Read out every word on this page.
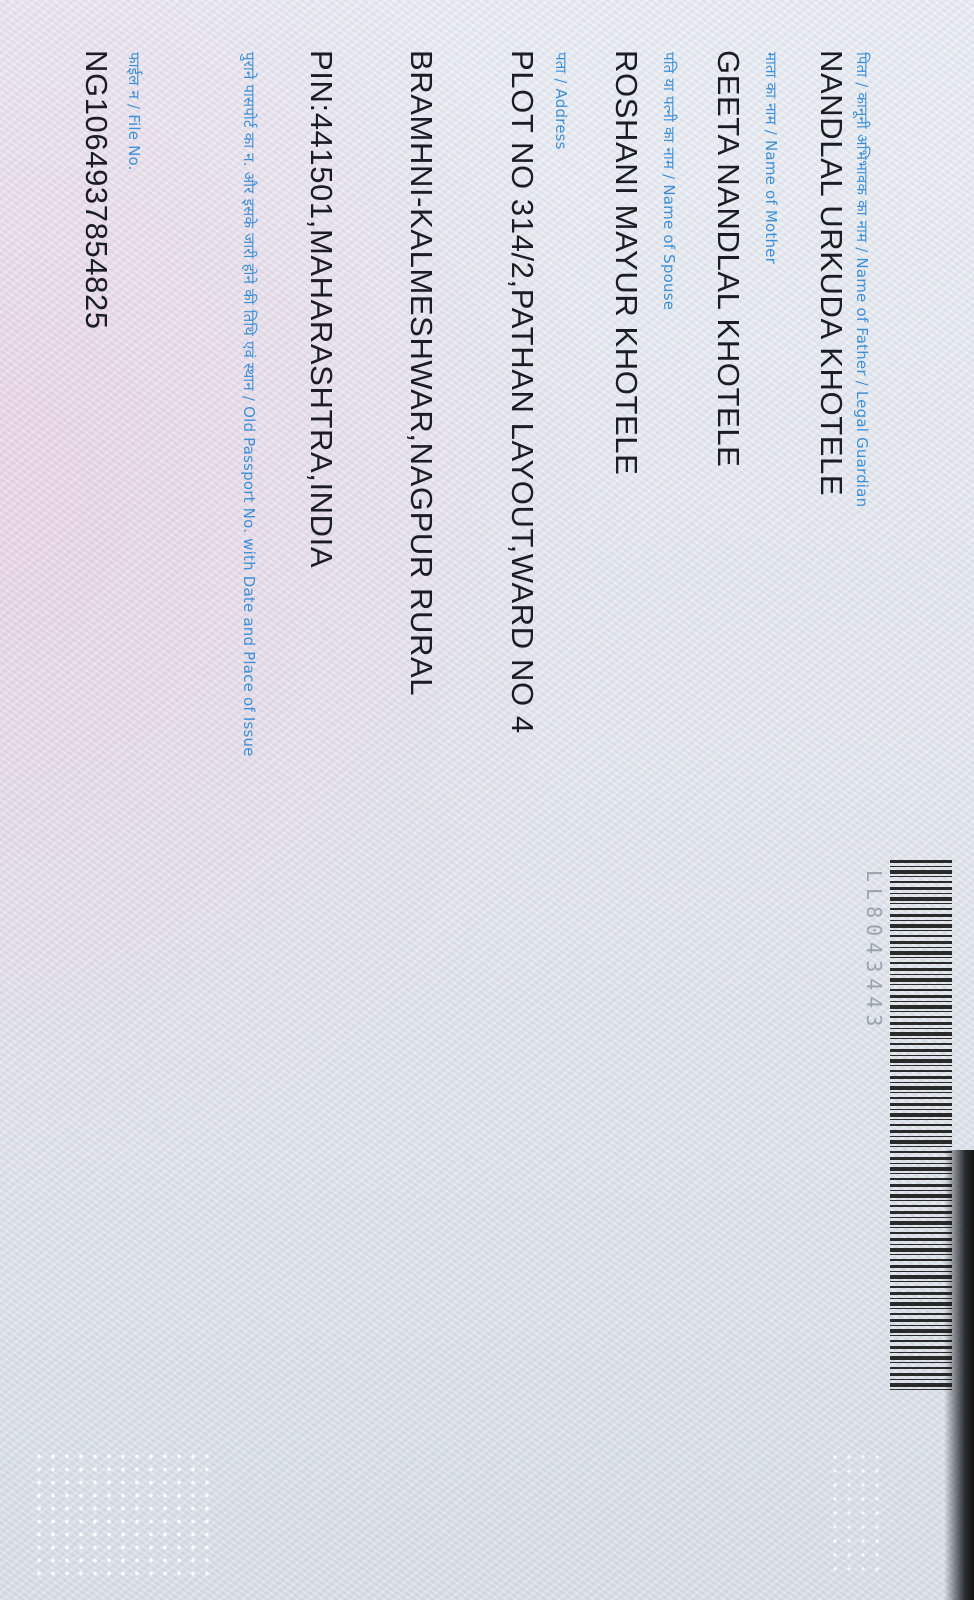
पिता / कानूनी अभिभावक का नाम / Name of Father / Legal Guardian
NANDLAL URKUDA KHOTELE
माता का नाम / Name of Mother
GEETA NANDLAL KHOTELE
पति या पत्नी का नाम / Name of Spouse
ROSHANI MAYUR KHOTELE
पता / Address
PLOT NO 314/2,PATHAN LAYOUT,WARD NO 4
BRAMHNI-KALMESHWAR,NAGPUR RURAL
PIN:441501,MAHARASHTRA,INDIA
पुराने पासपोर्ट का न. और इसके जारी होने की तिथि एवं स्थान / Old Passport No. with Date and Place of Issue
फाईल न / File No.
NG1064937854825
LL8043443
